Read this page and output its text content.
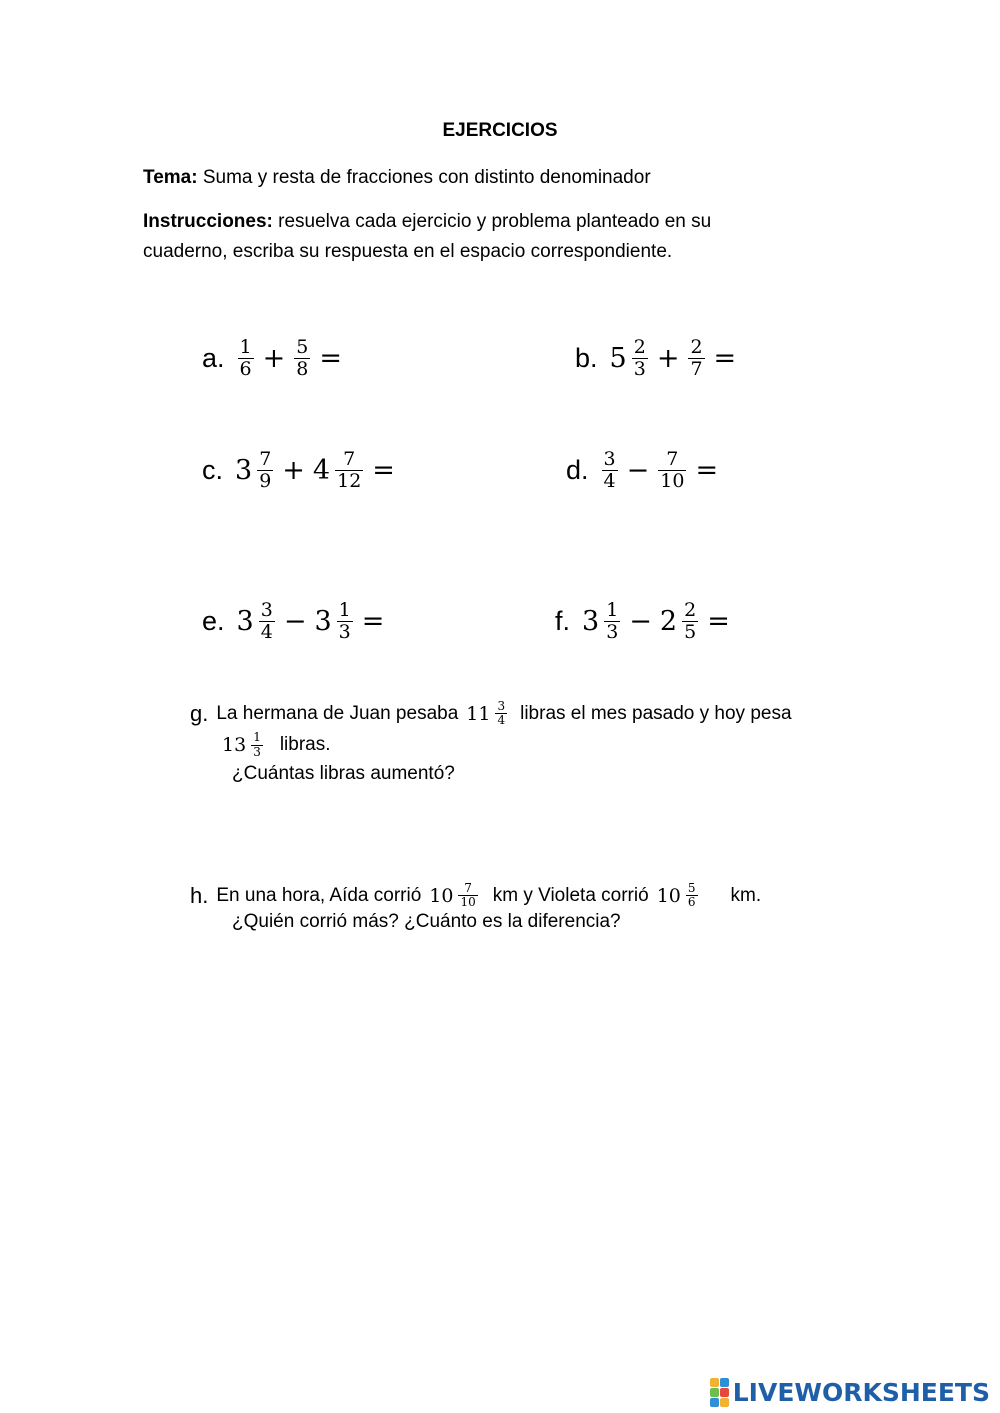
EJERCICIOS
Tema: Suma y resta de fracciones con distinto denominador
Instrucciones: resuelva cada ejercicio y problema planteado en su
cuaderno, escriba su respuesta en el espacio correspondiente.
a. $\frac{1}{6} + \frac{5}{8}$ =	b. $5 \frac{2}{3} + \frac{2}{7}$ =
c. $3 \frac{7}{9} + 4 \frac{7}{12}$ =	d. $\frac{3}{4} - \frac{7}{10}$ =
e. $3 \frac{3}{4} - 3 \frac{1}{3}$ =	f. $3 \frac{1}{3} - 2 \frac{2}{5}$ =
g. La hermana de Juan pesaba $11 \frac{3}{4}$ libras el mes pasado y hoy pesa
$13 \frac{1}{3}$ libras.
¿Cuántas libras aumentó?
h. En una hora, Aída corrió $10 \frac{7}{10}$ km y Violeta corrió $10 \frac{5}{6}$ km.
¿Quién corrió más? ¿Cuánto es la diferencia?
LIVEWORKSHEETS
